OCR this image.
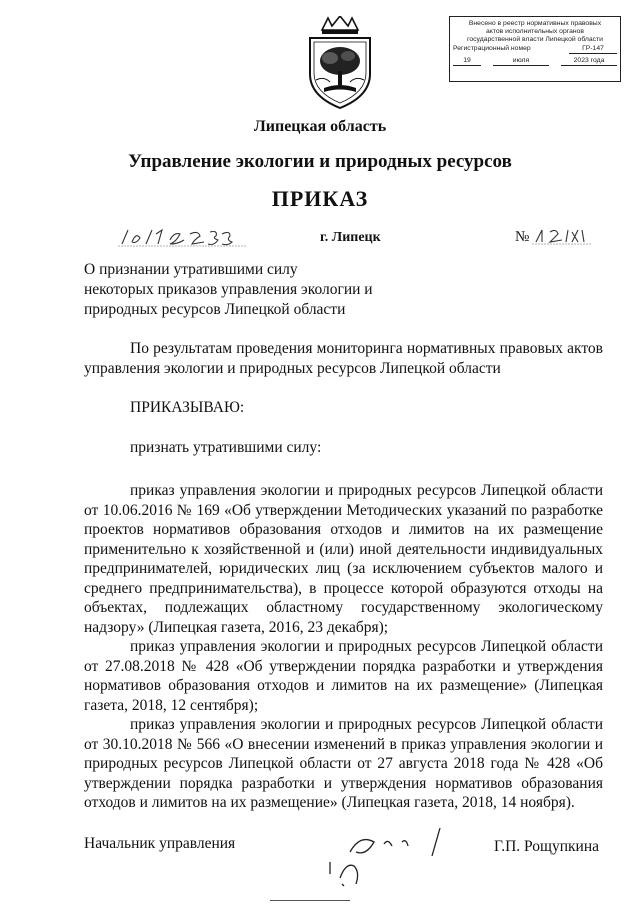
Внесено в реестр нормативных правовых
актов исполнительных органов
государственной власти Липецкой области
Регистрационный номер	ГР-147
19	июля	2023 года
Липецкая область
Управление экологии и природных ресурсов
ПРИКАЗ
г. Липецк	№
О признании утратившими силу
некоторых приказов управления экологии и
природных ресурсов Липецкой области

По результатам проведения мониторинга нормативных правовых актов управления экологии и природных ресурсов Липецкой области

ПРИКАЗЫВАЮ:

признать утратившими силу:

приказ управления экологии и природных ресурсов Липецкой области от 10.06.2016 № 169 «Об утверждении Методических указаний по разработке проектов нормативов образования отходов и лимитов на их размещение применительно к хозяйственной и (или) иной деятельности индивидуальных предпринимателей, юридических лиц (за исключением субъектов малого и среднего предпринимательства), в процессе которой образуются отходы на объектах, подлежащих областному государственному экологическому надзору» (Липецкая газета, 2016, 23 декабря);

приказ управления экологии и природных ресурсов Липецкой области от 27.08.2018 № 428 «Об утверждении порядка разработки и утверждения нормативов образования отходов и лимитов на их размещение» (Липецкая газета, 2018, 12 сентября);

приказ управления экологии и природных ресурсов Липецкой области от 30.10.2018 № 566 «О внесении изменений в приказ управления экологии и природных ресурсов Липецкой области от 27 августа 2018 года № 428 «Об утверждении порядка разработки и утверждения нормативов образования отходов и лимитов на их размещение» (Липецкая газета, 2018, 14 ноября).

Начальник управления	Г.П. Рощупкина
